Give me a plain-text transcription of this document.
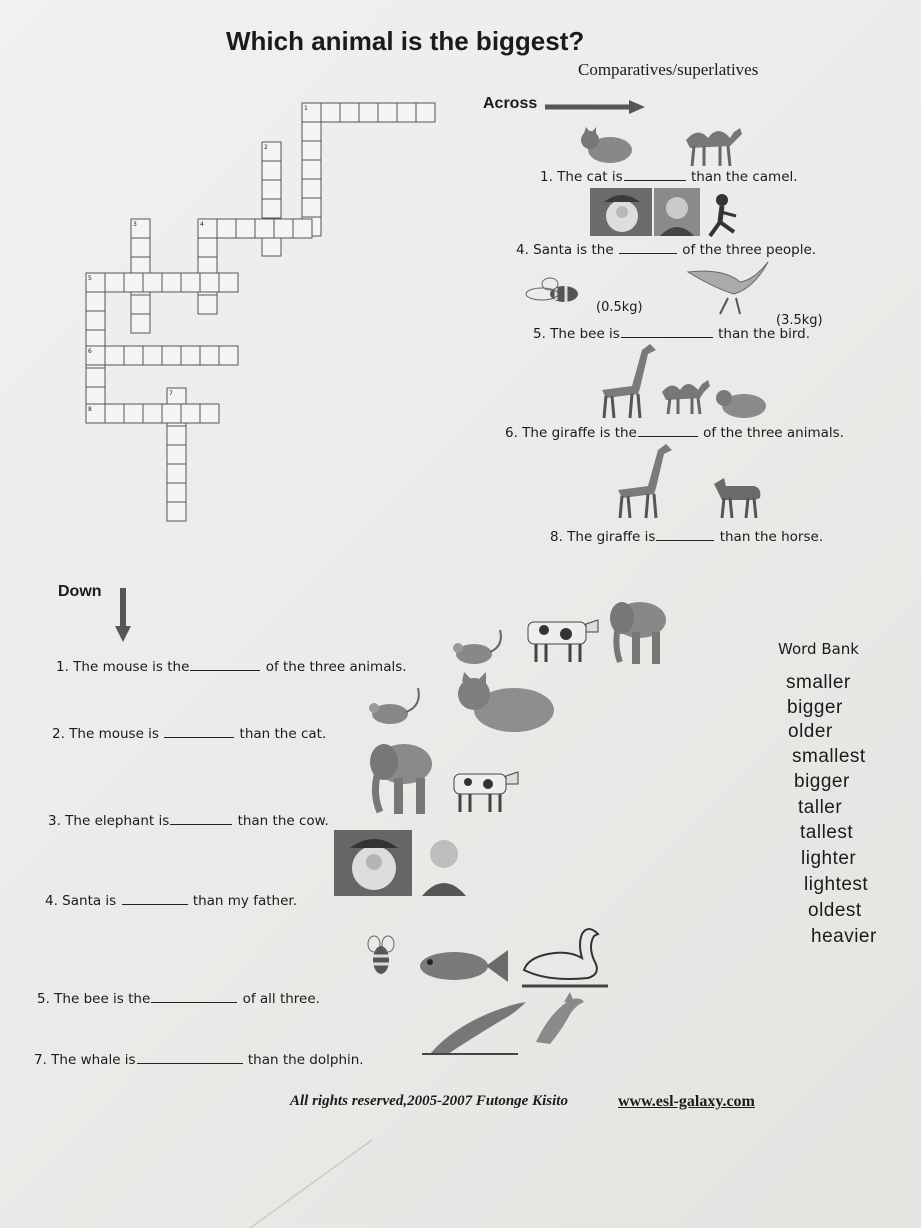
Which animal is the biggest?
Comparatives/superlatives
1
2
3	4
5
6
7
8
Across
1. The cat is	than the camel.
4. Santa is the	of the three people.
(0.5kg)
(3.5kg)
5. The bee is	than the bird.
6. The giraffe is the	of the three animals.
8. The giraffe is	than the horse.
Down
1. The mouse is the	of the three animals.
2. The mouse is	than the cat.
3. The elephant is	than the cow.
4. Santa is	than my father.
5. The bee is the	of all three.
7. The whale is	than the dolphin.
Word Bank
smaller
bigger
older
smallest
bigger
taller
tallest
lighter
lightest
oldest
heavier
All rights reserved,2005-2007 Futonge Kisito	www.esl-galaxy.com
